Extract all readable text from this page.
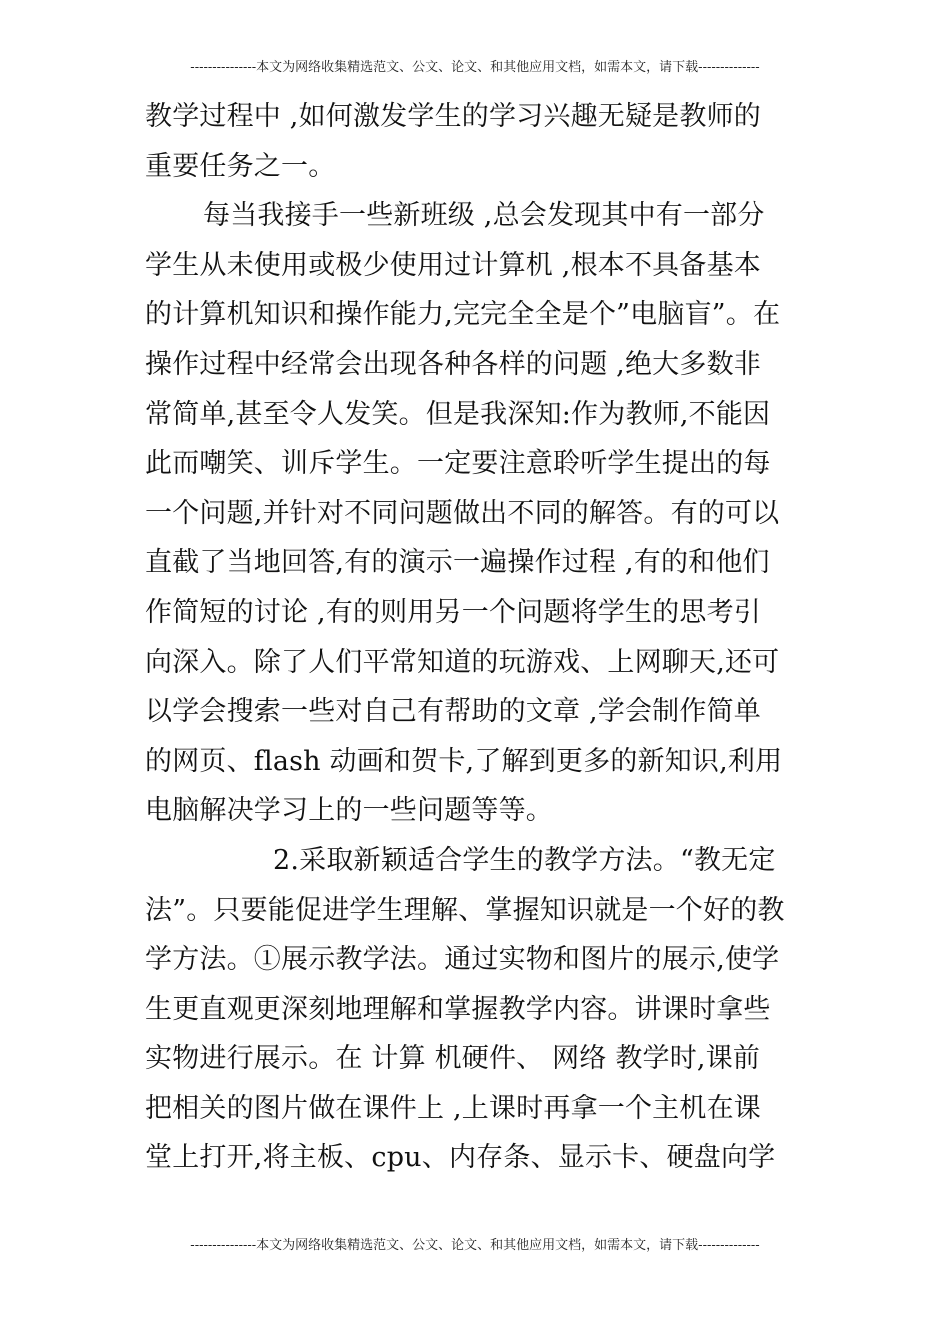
---------------本文为网络收集精选范文、公文、论文、和其他应用文档，如需本文，请下载--------------
教学过程中 ,如何激发学生的学习兴趣无疑是教师的
重要任务之一。
每当我接手一些新班级 ,总会发现其中有一部分
学生从未使用或极少使用过计算机 ,根本不具备基本
的计算机知识和操作能力,完完全全是个”电脑盲”。在
操作过程中经常会出现各种各样的问题 ,绝大多数非
常简单,甚至令人发笑。但是我深知:作为教师,不能因
此而嘲笑、训斥学生。一定要注意聆听学生提出的每
一个问题,并针对不同问题做出不同的解答。有的可以
直截了当地回答,有的演示一遍操作过程 ,有的和他们
作简短的讨论 ,有的则用另一个问题将学生的思考引
向深入。除了人们平常知道的玩游戏、上网聊天,还可
以学会搜索一些对自己有帮助的文章 ,学会制作简单
的网页、flash 动画和贺卡,了解到更多的新知识,利用
电脑解决学习上的一些问题等等。
2.采取新颖适合学生的教学方法。“教无定
法”。只要能促进学生理解、掌握知识就是一个好的教
学方法。①展示教学法。通过实物和图片的展示,使学
生更直观更深刻地理解和掌握教学内容。讲课时拿些
实物进行展示。在 计算 机硬件、 网络 教学时,课前
把相关的图片做在课件上 ,上课时再拿一个主机在课
堂上打开,将主板、cpu、内存条、显示卡、硬盘向学
---------------本文为网络收集精选范文、公文、论文、和其他应用文档，如需本文，请下载--------------
